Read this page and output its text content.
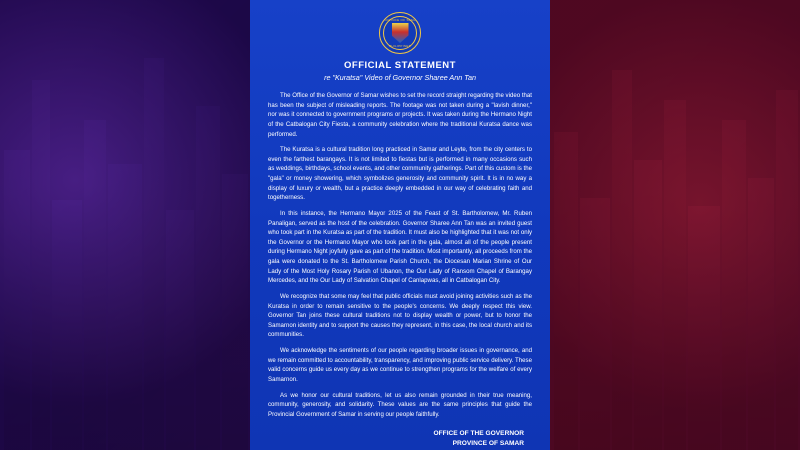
PROVINCE OF SAMAR
PHILIPPINES
OFFICIAL STATEMENT
re "Kuratsa" Video of Governor Sharee Ann Tan

The Office of the Governor of Samar wishes to set the record straight regarding the video that has been the subject of misleading reports. The footage was not taken during a "lavish dinner," nor was it connected to government programs or projects. It was taken during the Hermano Night of the Catbalogan City Fiesta, a community celebration where the traditional Kuratsa dance was performed.

The Kuratsa is a cultural tradition long practiced in Samar and Leyte, from the city centers to even the farthest barangays. It is not limited to fiestas but is performed in many occasions such as weddings, birthdays, school events, and other community gatherings. Part of this custom is the "gala" or money showering, which symbolizes generosity and community spirit. It is in no way a display of luxury or wealth, but a practice deeply embedded in our way of celebrating faith and togetherness.

In this instance, the Hermano Mayor 2025 of the Feast of St. Bartholomew, Mr. Ruben Panaligan, served as the host of the celebration. Governor Sharee Ann Tan was an invited guest who took part in the Kuratsa as part of the tradition. It must also be highlighted that it was not only the Governor or the Hermano Mayor who took part in the gala, almost all of the people present during Hermano Night joyfully gave as part of the tradition. Most importantly, all proceeds from the gala were donated to the St. Bartholomew Parish Church, the Diocesan Marian Shrine of Our Lady of the Most Holy Rosary Parish of Ubanon, the Our Lady of Ransom Chapel of Barangay Mercedes, and the Our Lady of Salvation Chapel of Canlapwas, all in Catbalogan City.

We recognize that some may feel that public officials must avoid joining activities such as the Kuratsa in order to remain sensitive to the people's concerns. We deeply respect this view. Governor Tan joins these cultural traditions not to display wealth or power, but to honor the Samarnon identity and to support the causes they represent, in this case, the local church and its communities.

We acknowledge the sentiments of our people regarding broader issues in governance, and we remain committed to accountability, transparency, and improving public service delivery. These valid concerns guide us every day as we continue to strengthen programs for the welfare of every Samarnon.

As we honor our cultural traditions, let us also remain grounded in their true meaning, community, generosity, and solidarity. These values are the same principles that guide the Provincial Government of Samar in serving our people faithfully.

OFFICE OF THE GOVERNOR
PROVINCE OF SAMAR
